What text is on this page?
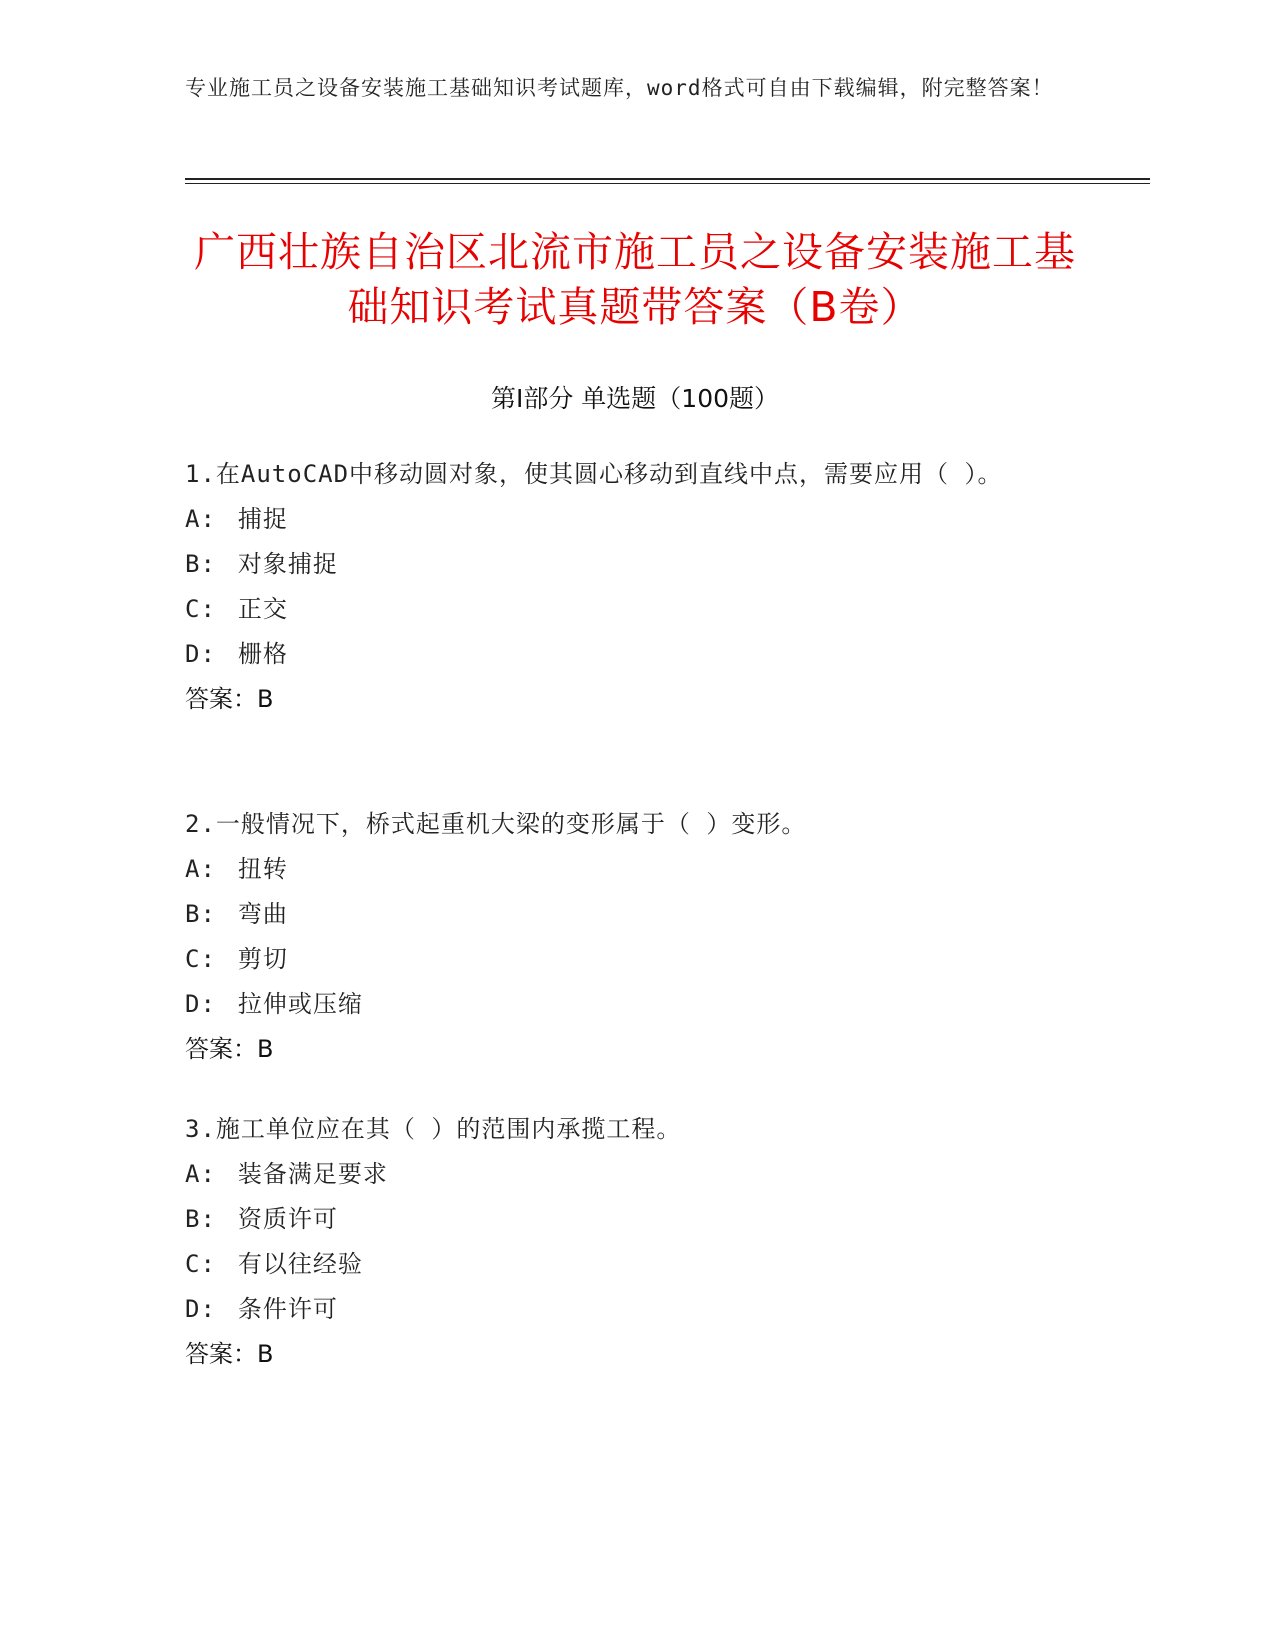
专业施工员之设备安装施工基础知识考试题库，word格式可自由下载编辑，附完整答案！
广西壮族自治区北流市施工员之设备安装施工基础知识考试真题带答案（B卷）
第Ⅰ部分 单选题（100题）
1.在AutoCAD中移动圆对象，使其圆心移动到直线中点，需要应用（ ）。
A: 捕捉
B: 对象捕捉
C: 正交
D: 栅格
答案：B
2.一般情况下，桥式起重机大梁的变形属于（ ）变形。
A: 扭转
B: 弯曲
C: 剪切
D: 拉伸或压缩
答案：B
3.施工单位应在其（ ）的范围内承揽工程。
A: 装备满足要求
B: 资质许可
C: 有以往经验
D: 条件许可
答案：B
